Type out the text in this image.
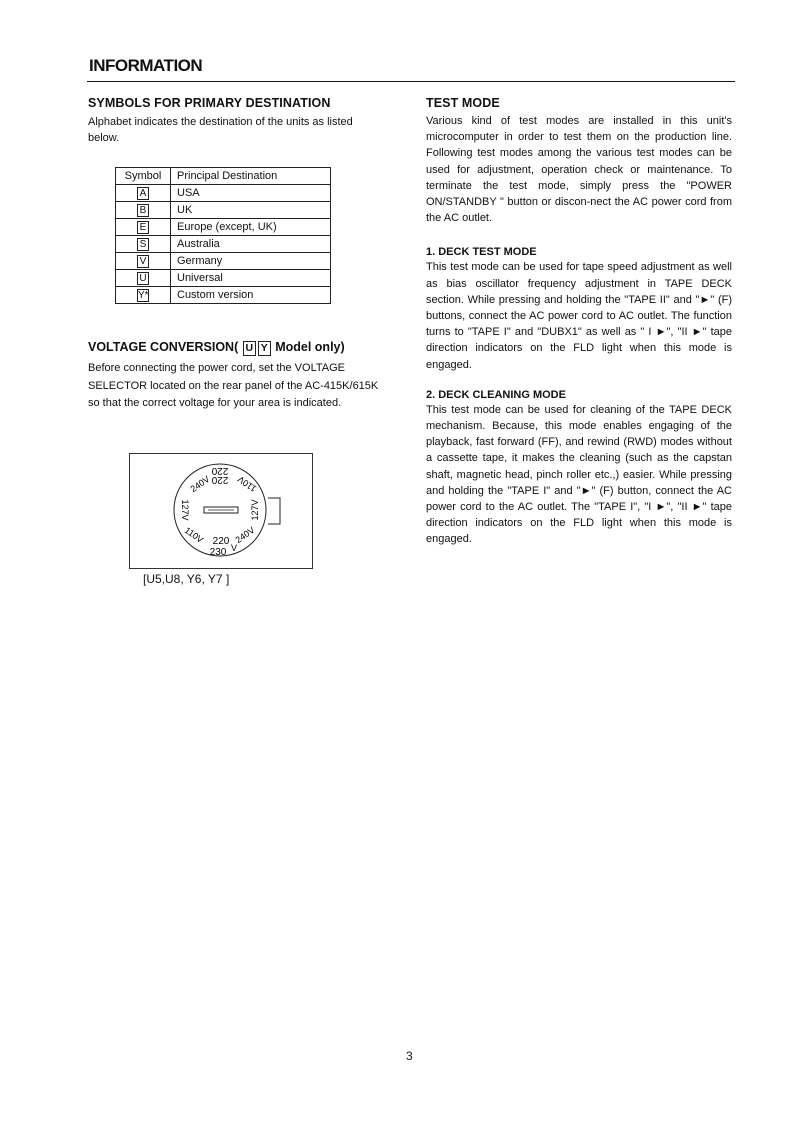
INFORMATION
SYMBOLS FOR PRIMARY DESTINATION

Alphabet indicates the destination of the units as listed below.

Symbol	Principal Destination
A	USA
B	UK
E	Europe (except, UK)
S	Australia
V	Germany
U	Universal
Y*	Custom version
VOLTAGE CONVERSION( U Y Model only)

Before connecting the power cord, set the VOLTAGE SELECTOR located on the rear panel of the AC-415K/615K so that the correct voltage for your area is indicated.

220
220
240V	110V
127V	127V
110V 220
230 V
240V

[U5,U8, Y6, Y7 ]

TEST MODE

Various kind of test modes are installed in this unit's microcomputer in order to test them on the production line. Following test modes among the various test modes can be used for adjustment, operation check or maintenance. To terminate the test mode, simply press the "POWER ON/STANDBY " button or discon-nect the AC power cord from the AC outlet.

1. DECK TEST MODE

This test mode can be used for tape speed adjustment as well as bias oscillator frequency adjustment in TAPE DECK section. While pressing and holding the "TAPE II" and "►" (F) buttons, connect the AC power cord to AC outlet. The function turns to "TAPE I" and "DUBX1" as well as " I ►", "II ►" tape direction indicators on the FLD light when this mode is engaged.

2. DECK CLEANING MODE

This test mode can be used for cleaning of the TAPE DECK mechanism. Because, this mode enables engaging of the playback, fast forward (FF), and rewind (RWD) modes without a cassette tape, it makes the cleaning (such as the capstan shaft, magnetic head, pinch roller etc.,) easier. While pressing and holding the "TAPE I" and "►" (F) button, connect the AC power cord to the AC outlet. The "TAPE I", "I ►", "II ►" tape direction indicators on the FLD light when this mode is engaged.

3
